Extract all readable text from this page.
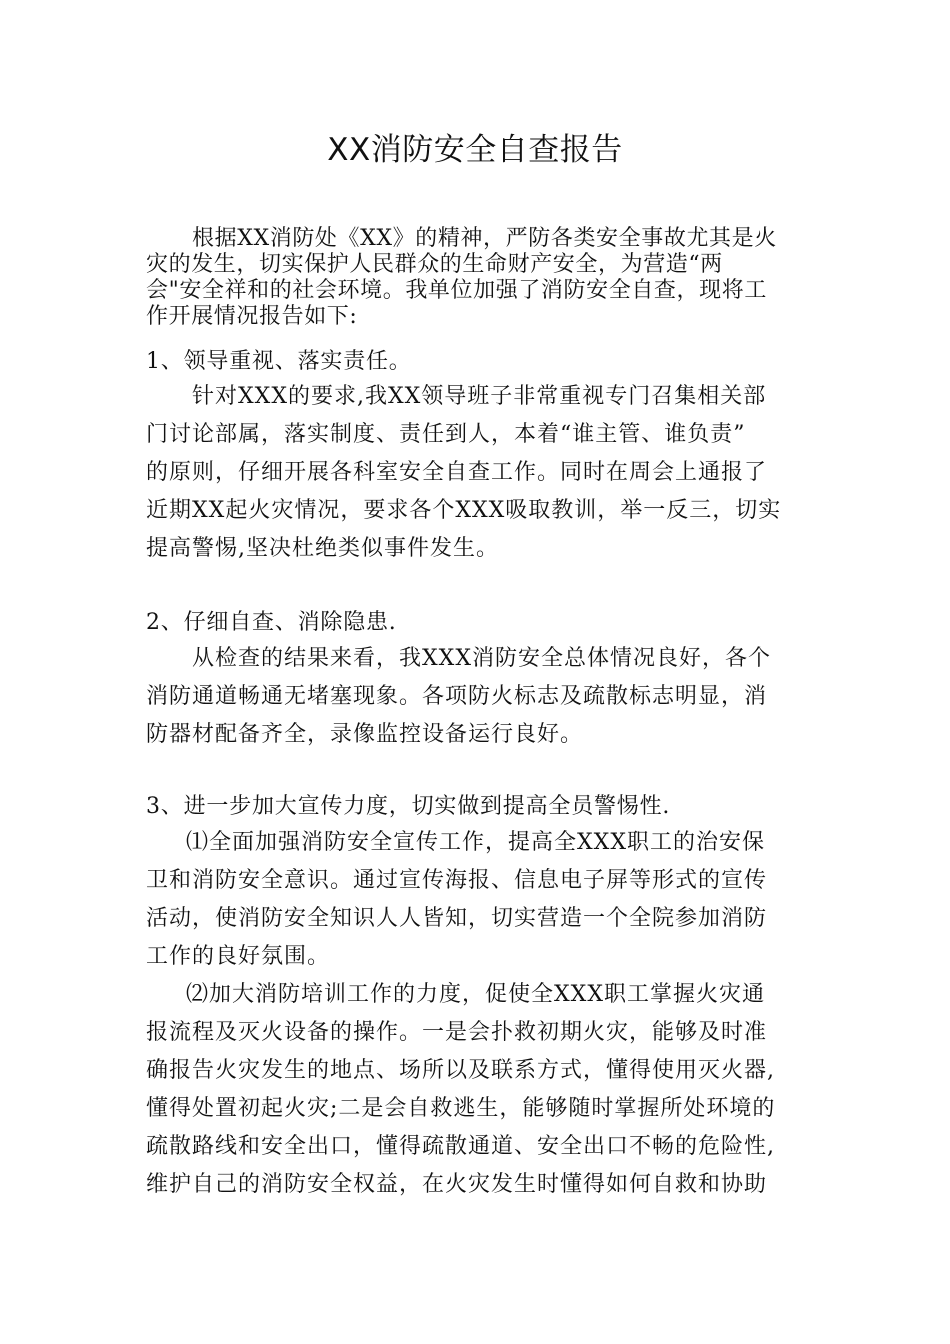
XX消防安全自查报告
根据XX消防处《XX》的精神，严防各类安全事故尤其是火
灾的发生，切实保护人民群众的生命财产安全，为营造“两
会"安全祥和的社会环境。我单位加强了消防安全自查，现将工
作开展情况报告如下:
1、领导重视、落实责任。
针对XXX的要求,我XX领导班子非常重视专门召集相关部
门讨论部属，落实制度、责任到人，本着“谁主管、谁负责”
的原则，仔细开展各科室安全自查工作。同时在周会上通报了
近期XX起火灾情况，要求各个XXX吸取教训，举一反三，切实
提高警惕,坚决杜绝类似事件发生。
2、仔细自查、消除隐患.
从检查的结果来看，我XXX消防安全总体情况良好，各个
消防通道畅通无堵塞现象。各项防火标志及疏散标志明显，消
防器材配备齐全，录像监控设备运行良好。
3、进一步加大宣传力度，切实做到提高全员警惕性.
⑴全面加强消防安全宣传工作，提高全XXX职工的治安保
卫和消防安全意识。通过宣传海报、信息电子屏等形式的宣传
活动，使消防安全知识人人皆知，切实营造一个全院参加消防
工作的良好氛围。
⑵加大消防培训工作的力度，促使全XXX职工掌握火灾通
报流程及灭火设备的操作。一是会扑救初期火灾，能够及时准
确报告火灾发生的地点、场所以及联系方式，懂得使用灭火器,
懂得处置初起火灾;二是会自救逃生，能够随时掌握所处环境的
疏散路线和安全出口，懂得疏散通道、安全出口不畅的危险性,
维护自己的消防安全权益，在火灾发生时懂得如何自救和协助
